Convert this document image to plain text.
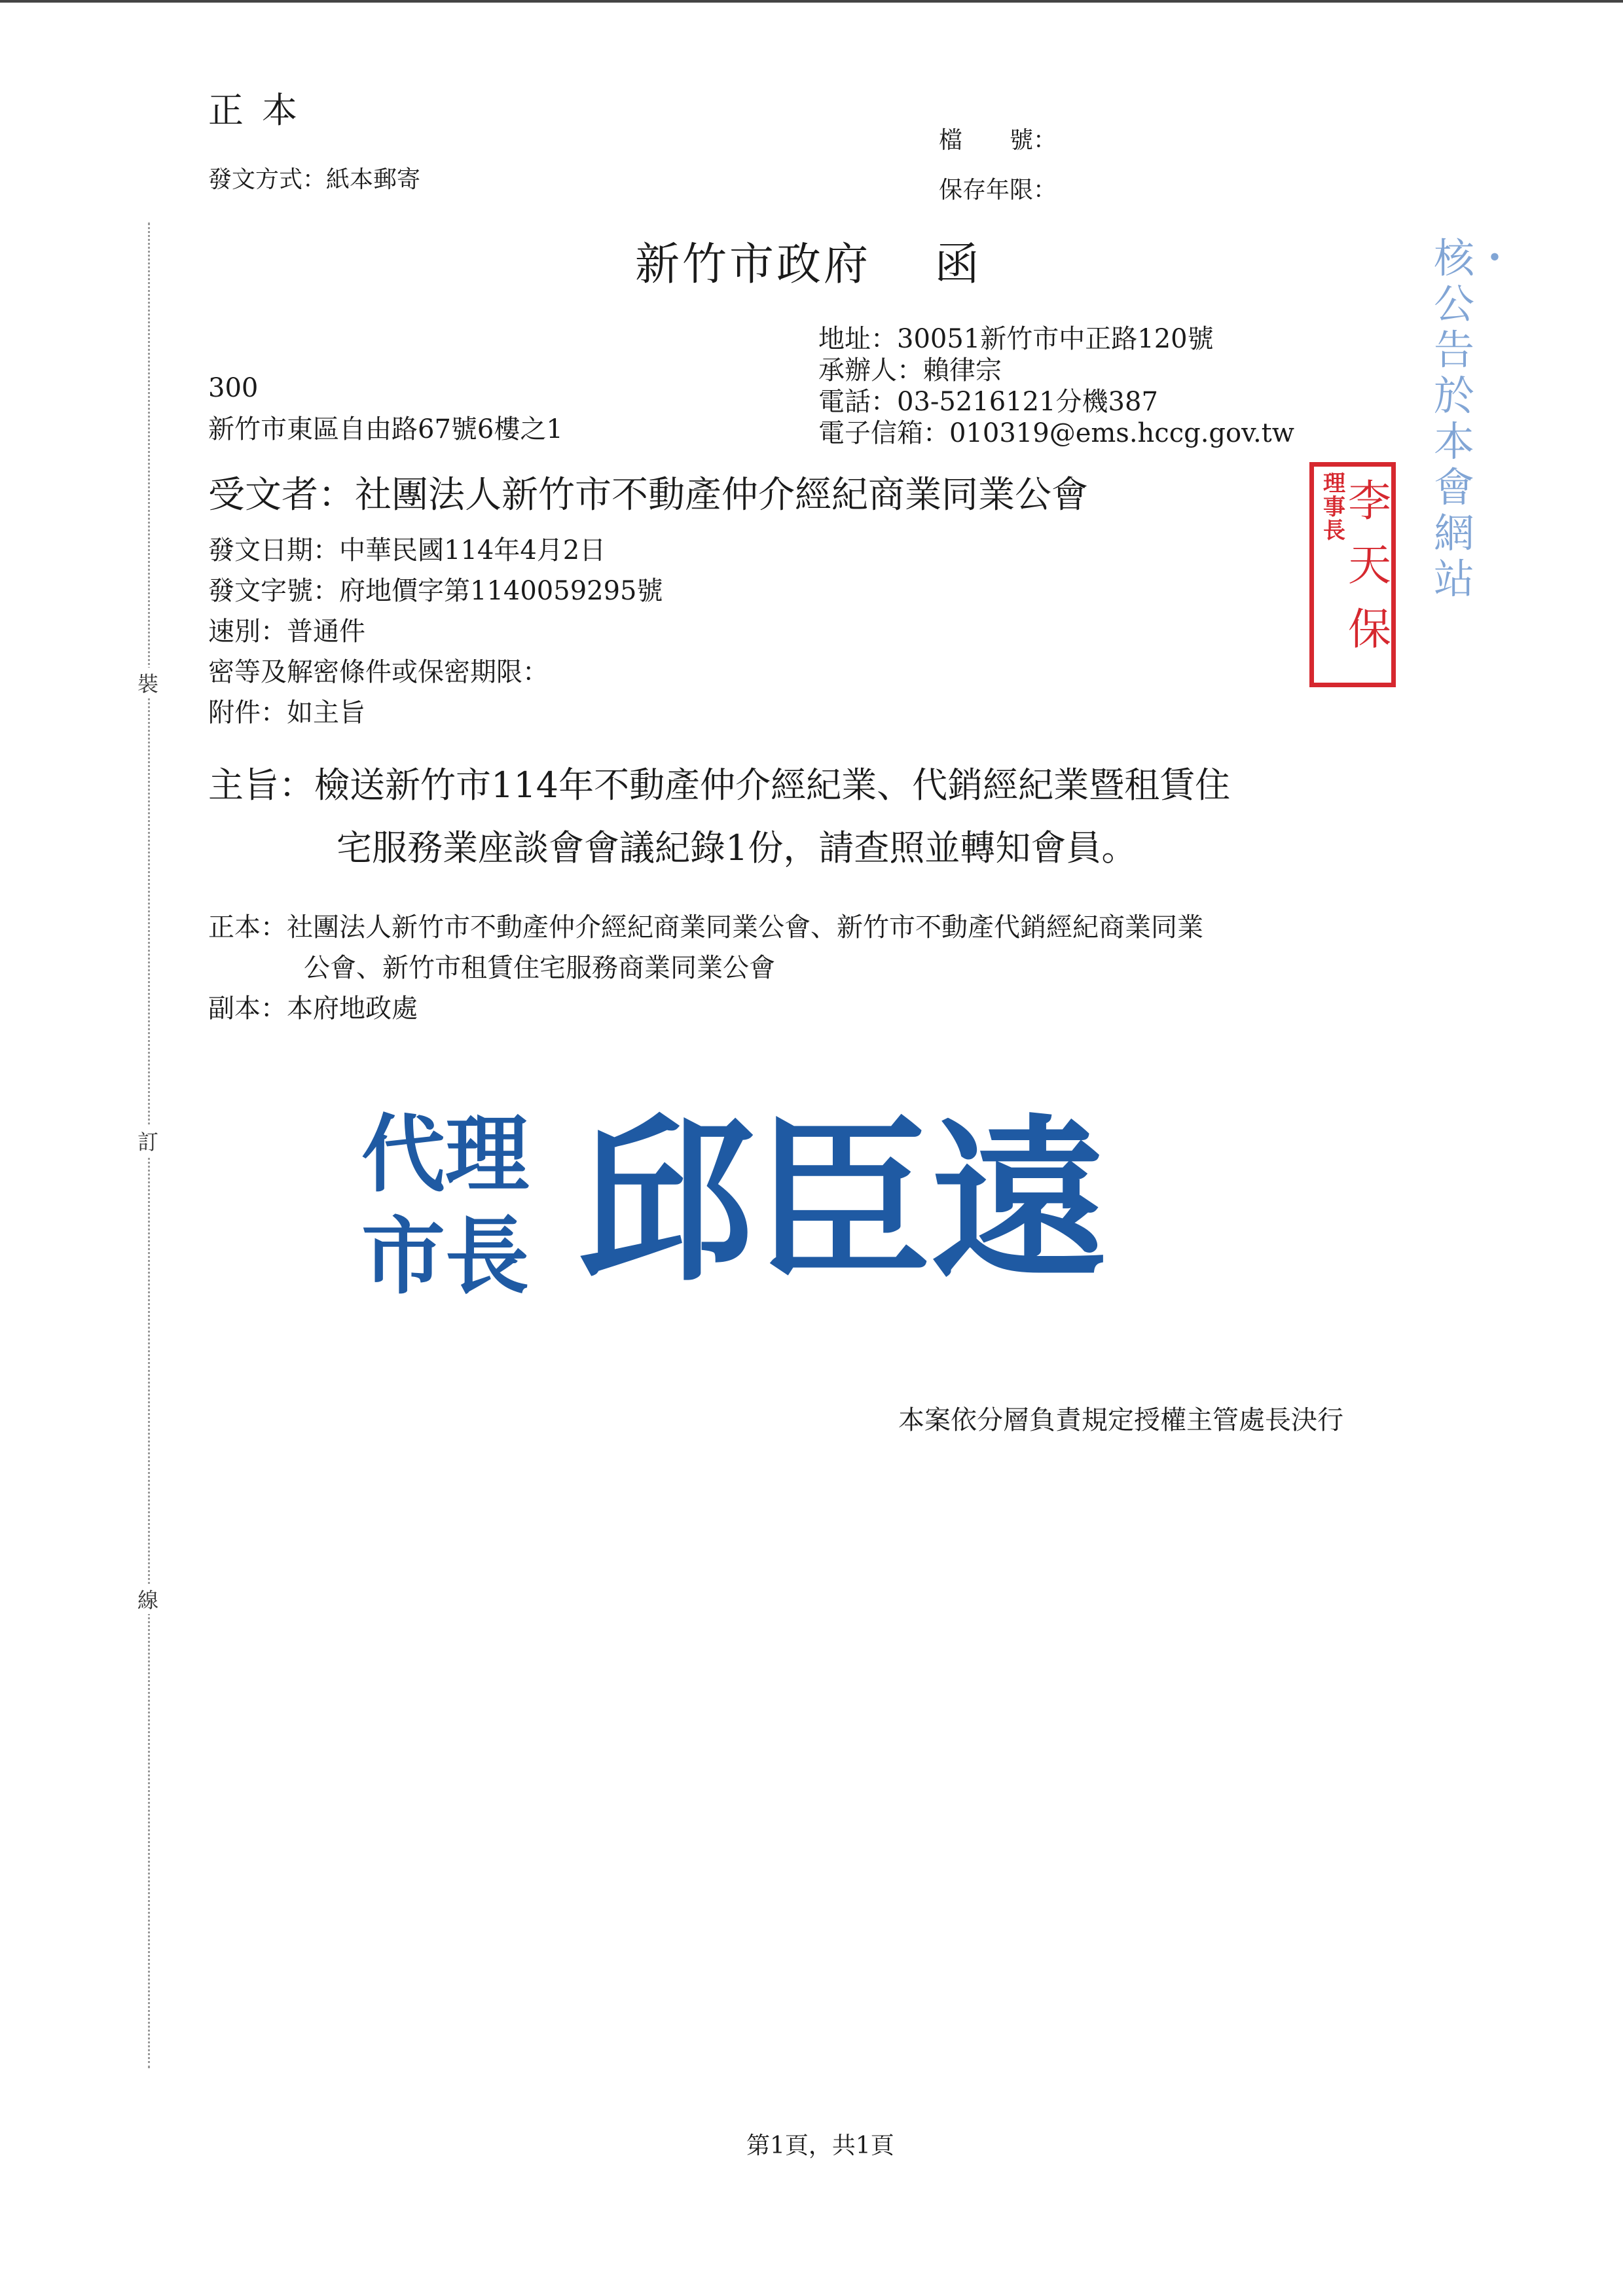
裝
訂
線
正本
發文方式：紙本郵寄
檔　　號：
保存年限：
新竹市政府　 函
300
新竹市東區自由路67號6樓之1
地址：30051新竹市中正路120號
承辦人：賴律宗
電話：03-5216121分機387
電子信箱：010319@ems.hccg.gov.tw
受文者：社團法人新竹市不動產仲介經紀商業同業公會
發文日期：中華民國114年4月2日
發文字號：府地價字第1140059295號
速別：普通件
密等及解密條件或保密期限：
附件：如主旨
主旨：檢送新竹市114年不動產仲介經紀業、代銷經紀業暨租賃住
宅服務業座談會會議紀錄1份，請查照並轉知會員。
正本：社團法人新竹市不動產仲介經紀商業同業公會、新竹市不動產代銷經紀商業同業
公會、新竹市租賃住宅服務商業同業公會
副本：本府地政處
代理
市長 邱臣遠
本案依分層負責規定授權主管處長決行
理事長
李天保
核・公告於本會網站
第1頁，共1頁
